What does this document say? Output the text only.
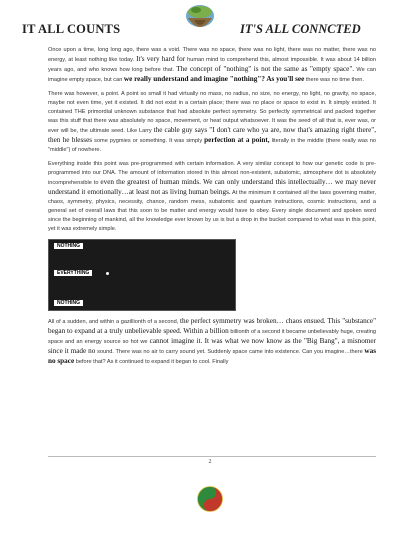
IT ALL COUNTS	IT'S ALL CONNCTED

Once upon a time, long long ago, there was a void. There was no space, there was no light, there was no matter, there was no energy, at least nothing like today. It's very hard for human mind to comprehend this, almost impossible. It was about 14 billion years ago, and who knows how long before that. The concept of "nothing" is not the same as "empty space". We can imagine empty space, but can we really understand and imagine "nothing"? As you'll see there was no time then.

There was however, a point. A point so small it had virtually no mass, no radius, no size, no energy, no light, no gravity, no space, maybe not even time, yet it existed. It did not exist in a certain place; there was no place or space to exist in. It simply existed. It contained THE primordial unknown substance that had absolute perfect symmetry. So perfectly symmetrical and packed together was this stuff that there was absolutely no space, movement, or heat output whatsoever. It was the seed of all that is, ever was, or ever will be, the ultimate seed. Like Larry the cable guy says "I don't care who ya are, now that's amazing right there", then he blesses some pygmies or something. It was simply perfection at a point, literally in the middle (there really was no "middle") of nowhere.

Everything inside this point was pre-programmed with certain information. A very similar concept to how our genetic code is pre-programmed into our DNA. The amount of information stored in this almost non-existent, subatomic, atmosphere dot is absolutely incomprehensible to even the greatest of human minds. We can only understand this intellectually… we may never understand it emotionally…at least not as living human beings. At the minimum it contained all the laws governing matter, chaos, symmetry, physics, necessity, chance, random mess, subatomic and quantum instructions, cosmic instructions, and a general set of overall laws that this soon to be matter and energy would have to obey. Every single document and spoken word since the beginning of mankind, all the knowledge ever known by us is but a drop in the bucket compared to what was in this point, yet it was extremely simple.

NOTHING
EVERYTHING
NOTHING

All of a sudden, and within a gazillionth of a second, the perfect symmetry was broken… chaos ensued. This "substance" began to expand at a truly unbelievable speed. Within a billion billionth of a second it became unbelievably huge, creating space and an energy source so hot we cannot imagine it. It was what we now know as the "Big Bang", a misnomer since it made no sound. There was no air to carry sound yet. Suddenly space came into existence. Can you imagine…there was no space before that? As it continued to expand it began to cool. Finally

2
